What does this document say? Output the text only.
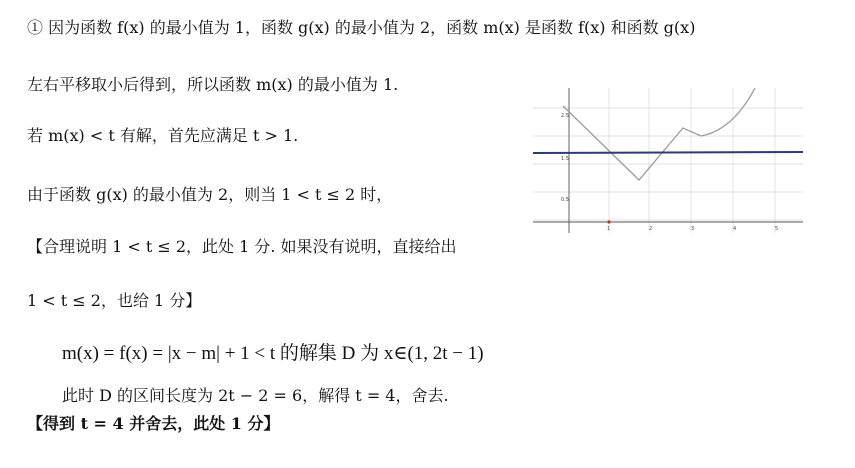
① 因为函数 f(x) 的最小值为 1，函数 g(x) 的最小值为 2，函数 m(x) 是函数 f(x) 和函数 g(x)
左右平移取小后得到，所以函数 m(x) 的最小值为 1.
若 m(x) < t 有解，首先应满足 t > 1.
由于函数 g(x) 的最小值为 2，则当 1 < t ≤ 2 时，
【合理说明 1 < t ≤ 2，此处 1 分. 如果没有说明，直接给出
1 < t ≤ 2，也给 1 分】
m(x) = f(x) = |x − m| + 1 < t 的解集 D 为 x∈(1, 2t − 1)
此时 D 的区间长度为 2t − 2 = 6，解得 t = 4，舍去.
【得到 t = 4 并舍去，此处 1 分】
1	2	3	4	5
0.5
1.5
2.5
